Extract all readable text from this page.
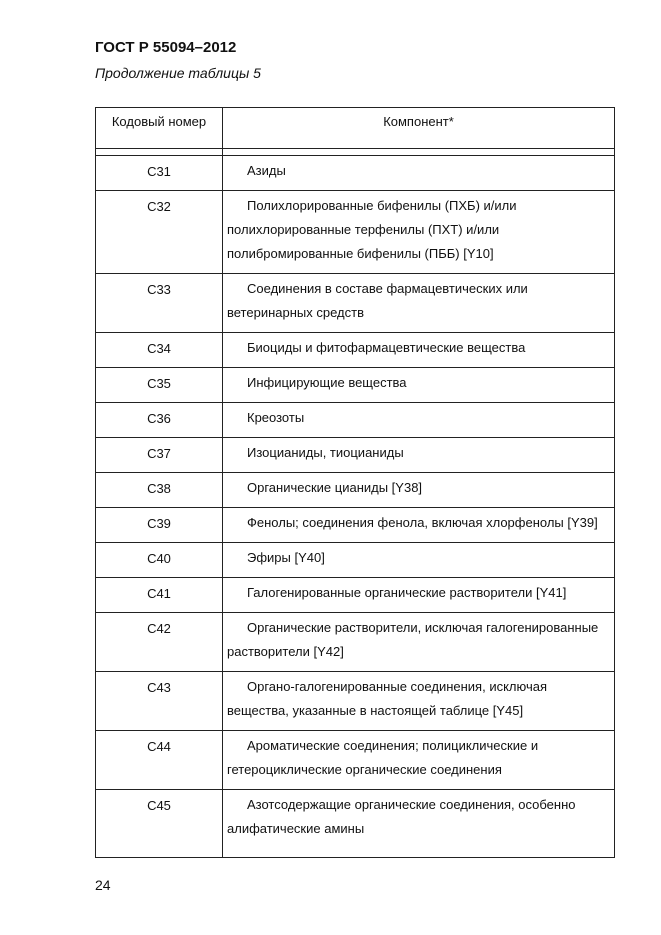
ГОСТ Р 55094–2012
Продолжение таблицы 5
Кодовый номер	Компонент*

С31	Азиды

С32	Полихлорированные бифенилы (ПХБ) и/или полихлорированные терфенилы (ПХТ) и/или полибромированные бифенилы (ПББ) [Y10]

С33	Соединения в составе фармацевтических или ветеринарных средств

С34	Биоциды и фитофармацевтические вещества

С35	Инфицирующие вещества

С36	Креозоты

С37	Изоцианиды, тиоцианиды

С38	Органические цианиды [Y38]

С39	Фенолы; соединения фенола, включая хлорфенолы [Y39]

С40	Эфиры [Y40]

С41	Галогенированные органические растворители [Y41]

С42	Органические растворители, исключая галогенированные растворители [Y42]

С43	Органо-галогенированные соединения, исключая вещества, указанные в настоящей таблице [Y45]

С44	Ароматические соединения; полициклические и гетероциклические органические соединения

С45	Азотсодержащие органические соединения, особенно алифатические амины
24
